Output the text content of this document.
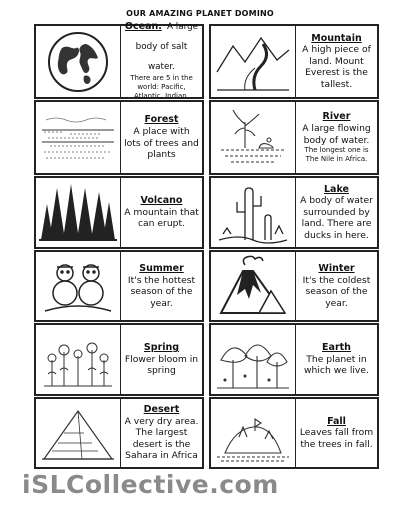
OUR AMAZING PLANET DOMINO
Ocean. A large body of salt water.
There are 5 in the world: Pacific, Atlantic, Indian,
Forest
A place with lots of trees and plants
Volcano
A mountain that can erupt.
Summer
It's the hottest season of the year.
Spring
Flower bloom in spring
Desert
A very dry area. The largest desert is the Sahara in Africa
Mountain
A high piece of land. Mount Everest is the tallest.
River
A large flowing body of water.
The longest one is The Nile in Africa.
Lake
A body of water surrounded by land. There are ducks in here.
Winter
It's the coldest season of the year.
Earth
The planet in which we live.
Fall
Leaves fall from the trees in fall.
iSLCollective.com
